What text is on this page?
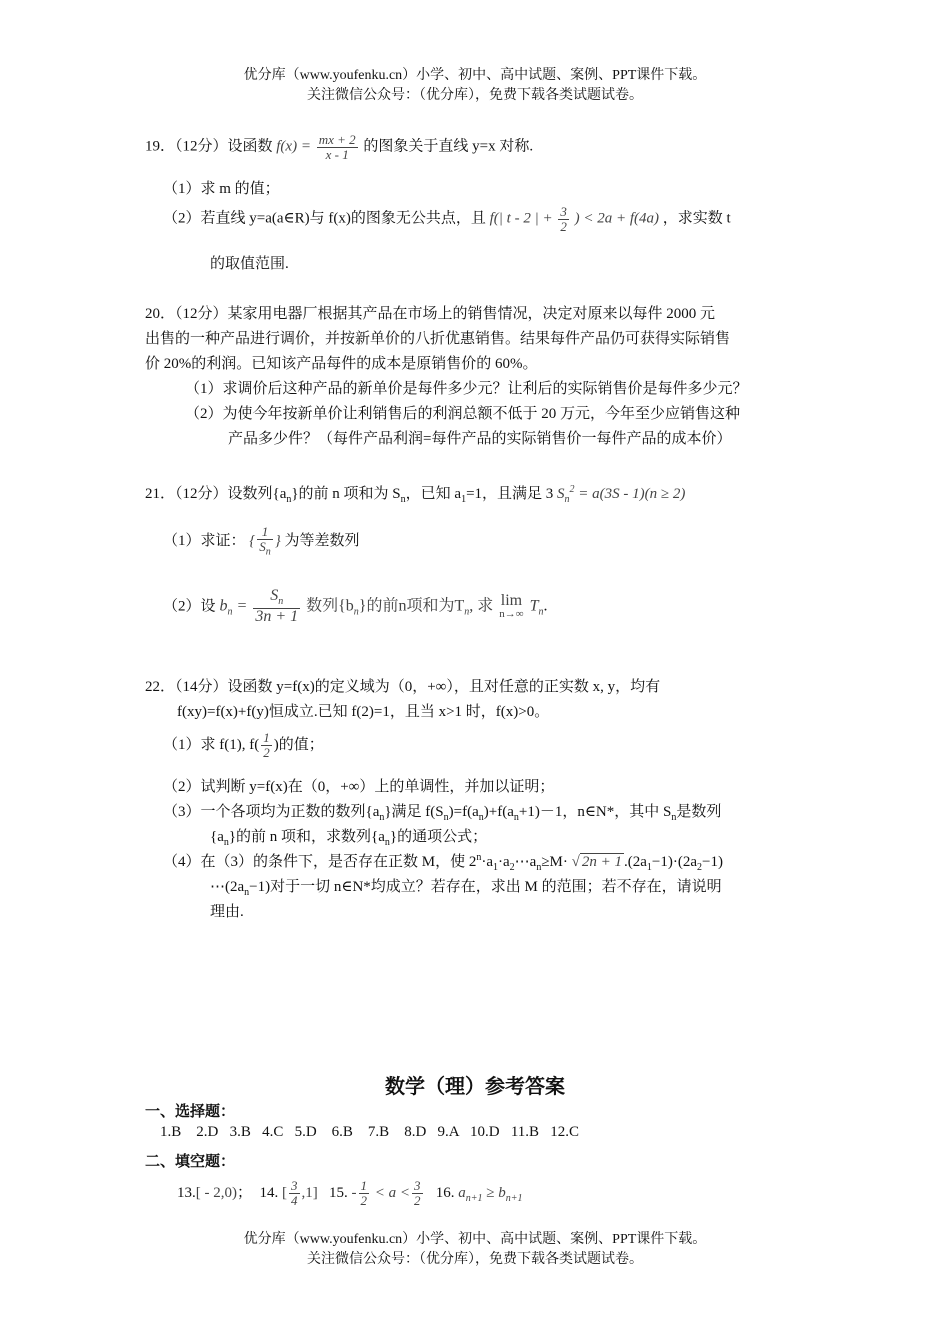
优分库（www.youfenku.cn）小学、初中、高中试题、案例、PPT课件下载。
关注微信公众号：（优分库），免费下载各类试题试卷。
19．（12分）设函数 $f(x) = \frac{mx + 2}{x - 1}$ 的图象关于直线 y=x 对称.
（1）求 m 的值；
（2）若直线 y=a(a∈R)与 f(x)的图象无公共点，且 f(| t - 2 | + $\frac{3}{2}$ ) < 2a + f(4a) ，求实数 t
的取值范围.
20．（12分）某家用电器厂根据其产品在市场上的销售情况，决定对原来以每件 2000 元
出售的一种产品进行调价，并按新单价的八折优惠销售。结果每件产品仍可获得实际销售
价 20%的利润。已知该产品每件的成本是原销售价的 60%。
（1）求调价后这种产品的新单价是每件多少元？让利后的实际销售价是每件多少元？
（2）为使今年按新单价让利销售后的利润总额不低于 20 万元，今年至少应销售这种
产品多少件？（每件产品利润=每件产品的实际销售价一每件产品的成本价）
21．（12分）设数列$\{a_n\}$的前 n 项和为 $S_n$，已知 $a_1=1$，且满足 3 $S_n^2 = a(3S - 1)(n \ge 2)$
（1）求证： { $\frac{1}{S_n}$ } 为等差数列
（2）设 $b_n = \frac{S_n}{3n + 1}$ 数列$\{b_n\}$的前n项和为$T_n$, 求 lim
n→∞ $T_n$.
22．（14分）设函数 y=f(x)的定义域为（0，+∞），且对任意的正实数 x, y，均有
f(xy)=f(x)+f(y)恒成立.已知 f(2)=1，且当 x>1 时，f(x)>0。
（1）求 f(1), $f( \frac{1}{2}$ )的值；
（2）试判断 y=f(x)在（0，+∞）上的单调性，并加以证明；
（3）一个各项均为正数的数列$\{a_n\}$满足 $f(S_n)=f(a_n)+f(a_n+1)-1$，n∈N*，其中 $S_n$是数列
$\{a_n\}$的前 n 项和，求数列$\{a_n\}$的通项公式；
（4）在（3）的条件下，是否存在正数 M，使 $2^n\cdot a_1\cdot a_2\cdots a_n\ge M\cdot$ √ 2n + 1 $.(2a_1-1)\cdot(2a_2-1)$
$\cdots(2a_n-1)$对于一切 n∈N*均成立？若存在，求出 M 的范围；若不存在，请说明
理由.
数学（理）参考答案
一、选择题：
1.B    2.D   3.B   4.C   5.D    6.B    7.B    8.D   9.A   10.D   11.B   12.C
二、填空题：
13.[ - 2,0)； 14. [ $\frac{3}{4} ,1$] 15. - $\frac{1}{2} < a < \frac{3}{2} 16$. $a_{n+1} \ge b_{n+1}$
优分库（www.youfenku.cn）小学、初中、高中试题、案例、PPT课件下载。
关注微信公众号：（优分库），免费下载各类试题试卷。
